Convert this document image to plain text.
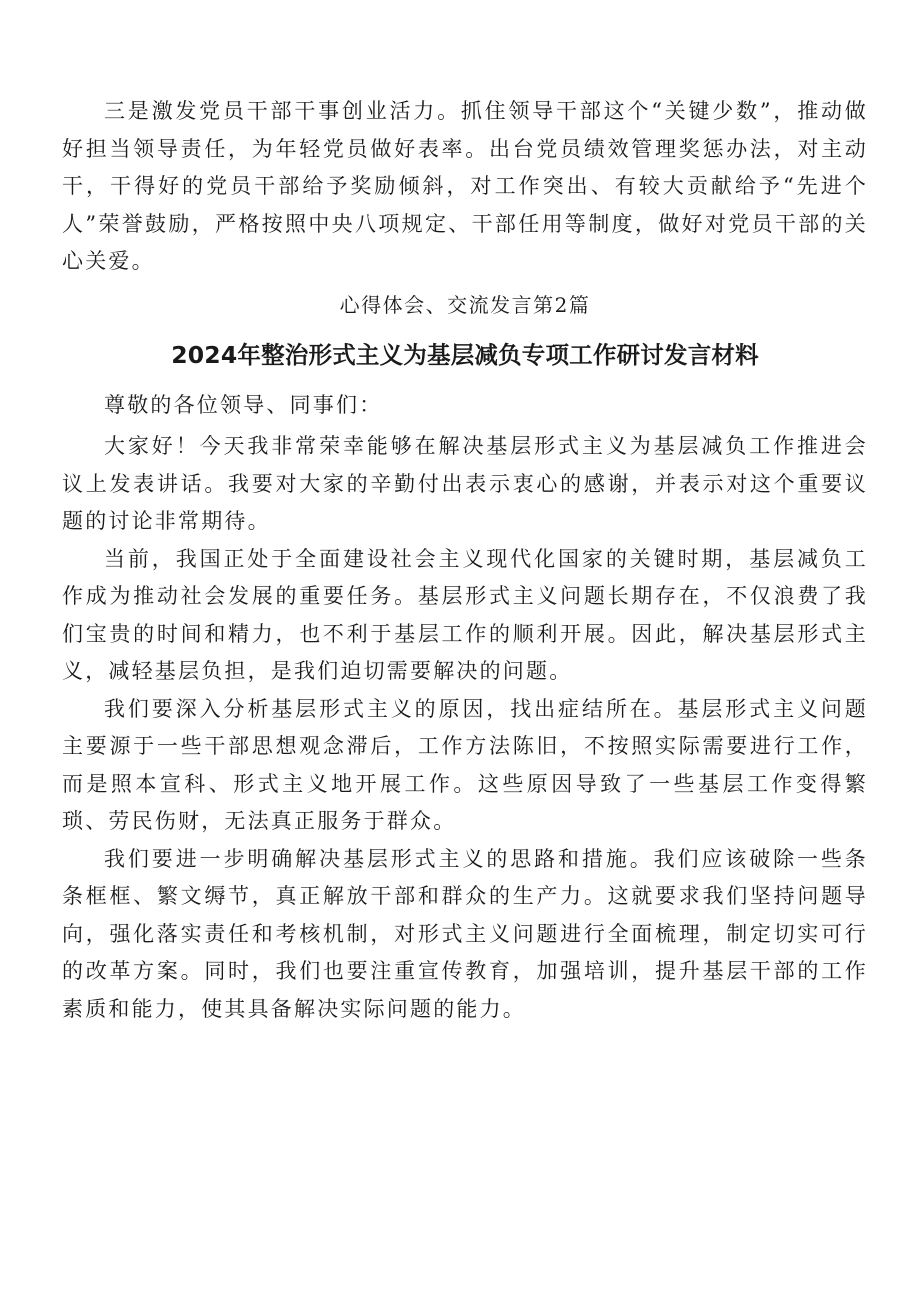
三是激发党员干部干事创业活力。抓住领导干部这个“关键少数”，推动做好担当领导责任，为年轻党员做好表率。出台党员绩效管理奖惩办法，对主动干，干得好的党员干部给予奖励倾斜，对工作突出、有较大贡献给予“先进个人”荣誉鼓励，严格按照中央八项规定、干部任用等制度，做好对党员干部的关心关爱。

心得体会、交流发言第2篇

2024年整治形式主义为基层减负专项工作研讨发言材料

尊敬的各位领导、同事们：

大家好！今天我非常荣幸能够在解决基层形式主义为基层减负工作推进会议上发表讲话。我要对大家的辛勤付出表示衷心的感谢，并表示对这个重要议题的讨论非常期待。

当前，我国正处于全面建设社会主义现代化国家的关键时期，基层减负工作成为推动社会发展的重要任务。基层形式主义问题长期存在，不仅浪费了我们宝贵的时间和精力，也不利于基层工作的顺利开展。因此，解决基层形式主义，减轻基层负担，是我们迫切需要解决的问题。

我们要深入分析基层形式主义的原因，找出症结所在。基层形式主义问题主要源于一些干部思想观念滞后，工作方法陈旧，不按照实际需要进行工作，而是照本宣科、形式主义地开展工作。这些原因导致了一些基层工作变得繁琐、劳民伤财，无法真正服务于群众。

我们要进一步明确解决基层形式主义的思路和措施。我们应该破除一些条条框框、繁文缛节，真正解放干部和群众的生产力。这就要求我们坚持问题导向，强化落实责任和考核机制，对形式主义问题进行全面梳理，制定切实可行的改革方案。同时，我们也要注重宣传教育，加强培训，提升基层干部的工作素质和能力，使其具备解决实际问题的能力。
